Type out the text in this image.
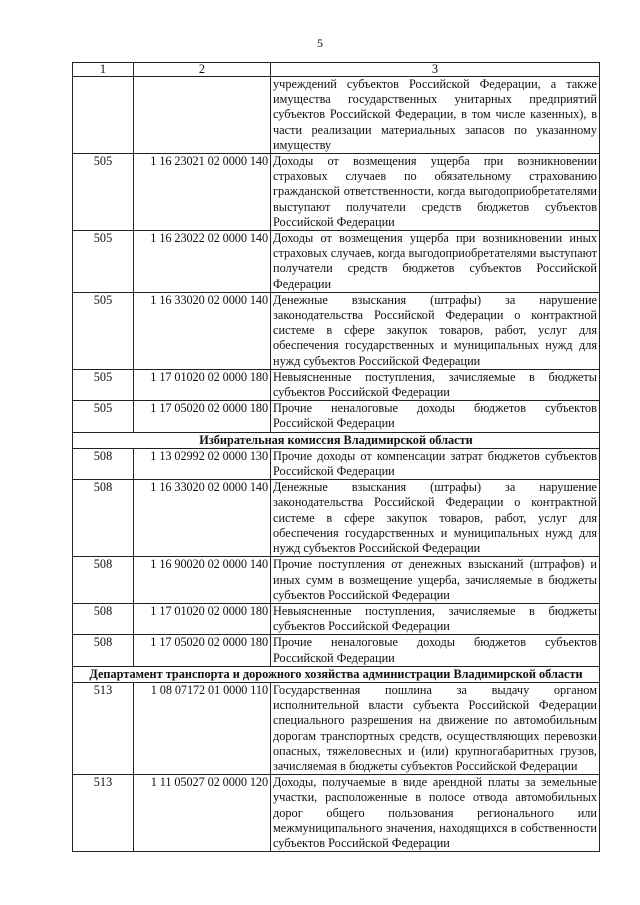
5
1	2	3
		учреждений субъектов Российской Федерации, а также имущества государственных унитарных предприятий субъектов Российской Федерации, в том числе казенных), в части реализации материальных запасов по указанному имуществу
505	1 16 23021 02 0000 140	Доходы от возмещения ущерба при возникновении страховых случаев по обязательному страхованию гражданской ответственности, когда выгодоприобретателями выступают получатели средств бюджетов субъектов Российской Федерации
505	1 16 23022 02 0000 140	Доходы от возмещения ущерба при возникновении иных страховых случаев, когда выгодоприобретателями выступают получатели средств бюджетов субъектов Российской Федерации
505	1 16 33020 02 0000 140	Денежные взыскания (штрафы) за нарушение законодательства Российской Федерации о контрактной системе в сфере закупок товаров, работ, услуг для обеспечения государственных и муниципальных нужд для нужд субъектов Российской Федерации
505	1 17 01020 02 0000 180	Невыясненные поступления, зачисляемые в бюджеты субъектов Российской Федерации
505	1 17 05020 02 0000 180	Прочие неналоговые доходы бюджетов субъектов Российской Федерации
Избирательная комиссия Владимирской области		
508	1 13 02992 02 0000 130	Прочие доходы от компенсации затрат бюджетов субъектов Российской Федерации
508	1 16 33020 02 0000 140	Денежные взыскания (штрафы) за нарушение законодательства Российской Федерации о контрактной системе в сфере закупок товаров, работ, услуг для обеспечения государственных и муниципальных нужд для нужд субъектов Российской Федерации
508	1 16 90020 02 0000 140	Прочие поступления от денежных взысканий (штрафов) и иных сумм в возмещение ущерба, зачисляемые в бюджеты субъектов Российской Федерации
508	1 17 01020 02 0000 180	Невыясненные поступления, зачисляемые в бюджеты субъектов Российской Федерации
508	1 17 05020 02 0000 180	Прочие неналоговые доходы бюджетов субъектов Российской Федерации
Департамент транспорта и дорожного хозяйства администрации Владимирской области		
513	1 08 07172 01 0000 110	Государственная пошлина за выдачу органом исполнительной власти субъекта Российской Федерации специального разрешения на движение по автомобильным дорогам транспортных средств, осуществляющих перевозки опасных, тяжеловесных и (или) крупногабаритных грузов, зачисляемая в бюджеты субъектов Российской Федерации
513	1 11 05027 02 0000 120	Доходы, получаемые в виде арендной платы за земельные участки, расположенные в полосе отвода автомобильных дорог общего пользования регионального или межмуниципального значения, находящихся в собственности субъектов Российской Федерации
